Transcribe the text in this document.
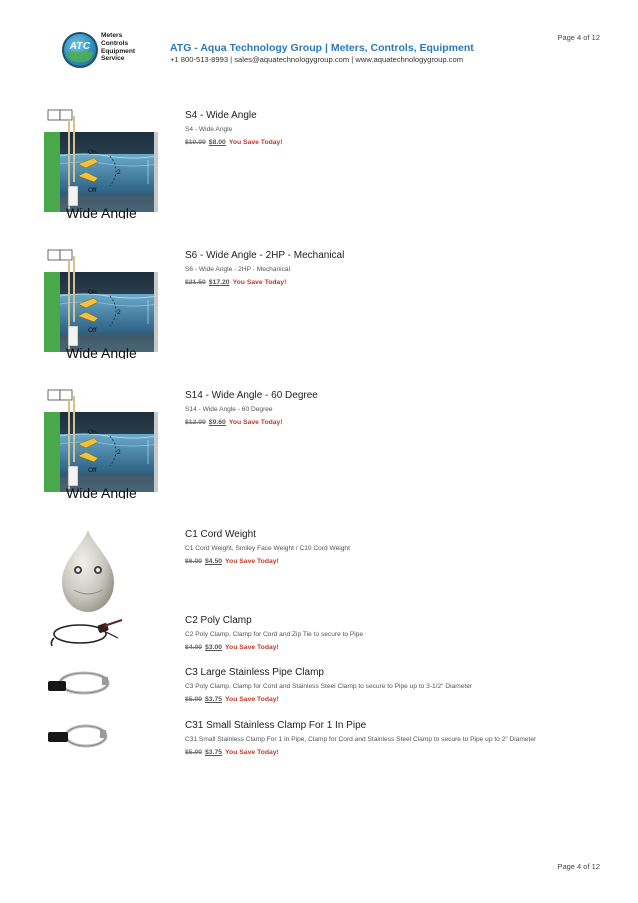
Page 4 of 12
ATC
Meters
Controls
Equipment
Service
ATG - Aqua Technology Group | Meters, Controls, Equipment
+1 800-513-8993 | sales@aquatechnologygroup.com | www.aquatechnologygroup.com
S4 - Wide Angle
S4 - Wide Angle
$10.00 $8.00 You Save Today!
S6 - Wide Angle - 2HP - Mechanical
S6 - Wide Angle - 2HP - Mechanical
$21.50 $17.20 You Save Today!
S14 - Wide Angle - 60 Degree
S14 - Wide Angle - 60 Degree
$12.00 $9.60 You Save Today!
C1 Cord Weight
C1 Cord Weight, Smiley Face Weight / C10 Cord Weight
$6.00 $4.50 You Save Today!
C2 Poly Clamp
C2 Poly Clamp. Clamp for Cord and Zip Tie to secure to Pipe
$4.00 $3.00 You Save Today!
C3 Large Stainless Pipe Clamp
C3 Poly Clamp. Clamp for Cord and Stainless Steel Clamp to secure to Pipe up to 3-1/2" Diameter
$5.00 $3.75 You Save Today!
C31 Small Stainless Clamp For 1 In Pipe
C31 Small Stainless Clamp For 1 In Pipe, Clamp for Cord and Stainless Steel Clamp to secure to Pipe up to 2" Diameter
$5.00 $3.75 You Save Today!
Page 4 of 12
